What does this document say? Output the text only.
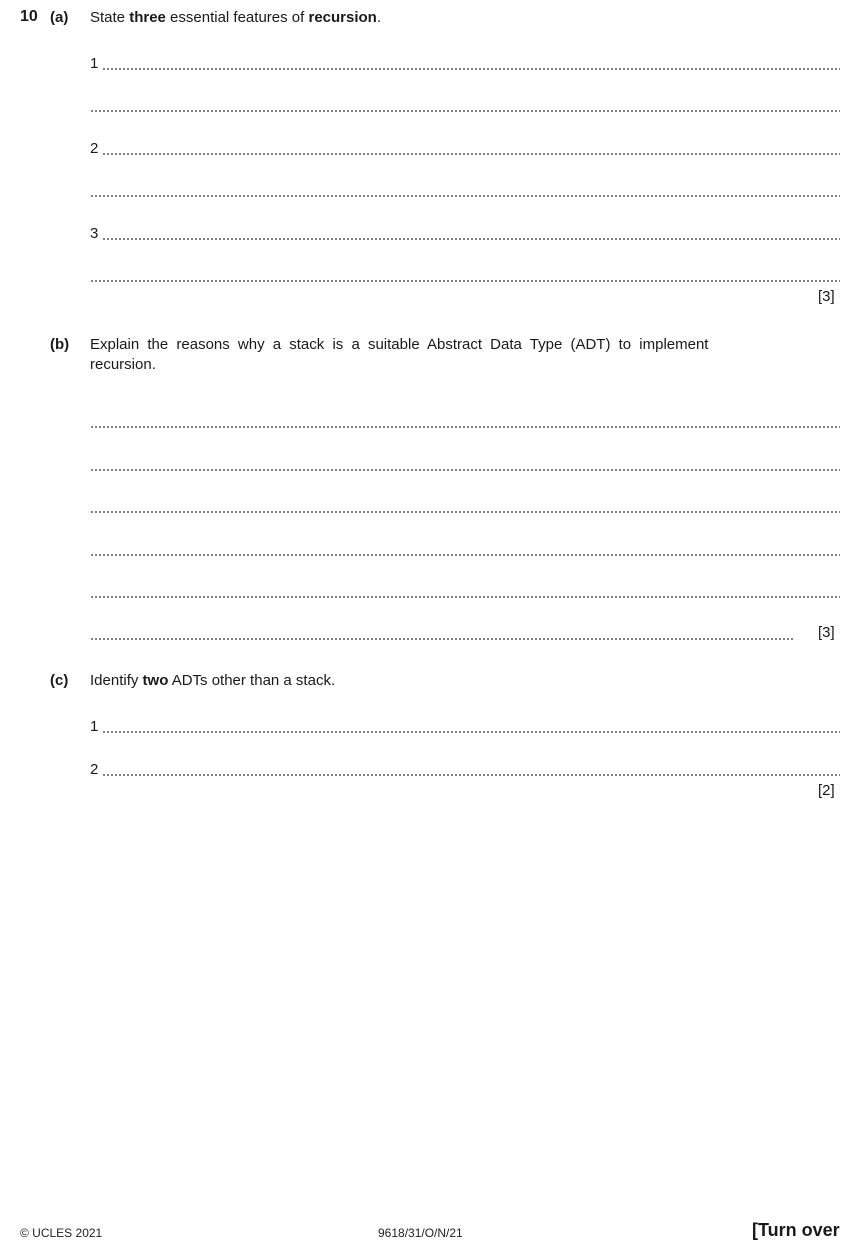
10 (a) State three essential features of recursion.
1
2
3
[3]
(b) Explain the reasons why a stack is a suitable Abstract Data Type (ADT) to implement
recursion.
[3]
(c) Identify two ADTs other than a stack.
1
2
[2]
© UCLES 2021	9618/31/O/N/21	[Turn over
